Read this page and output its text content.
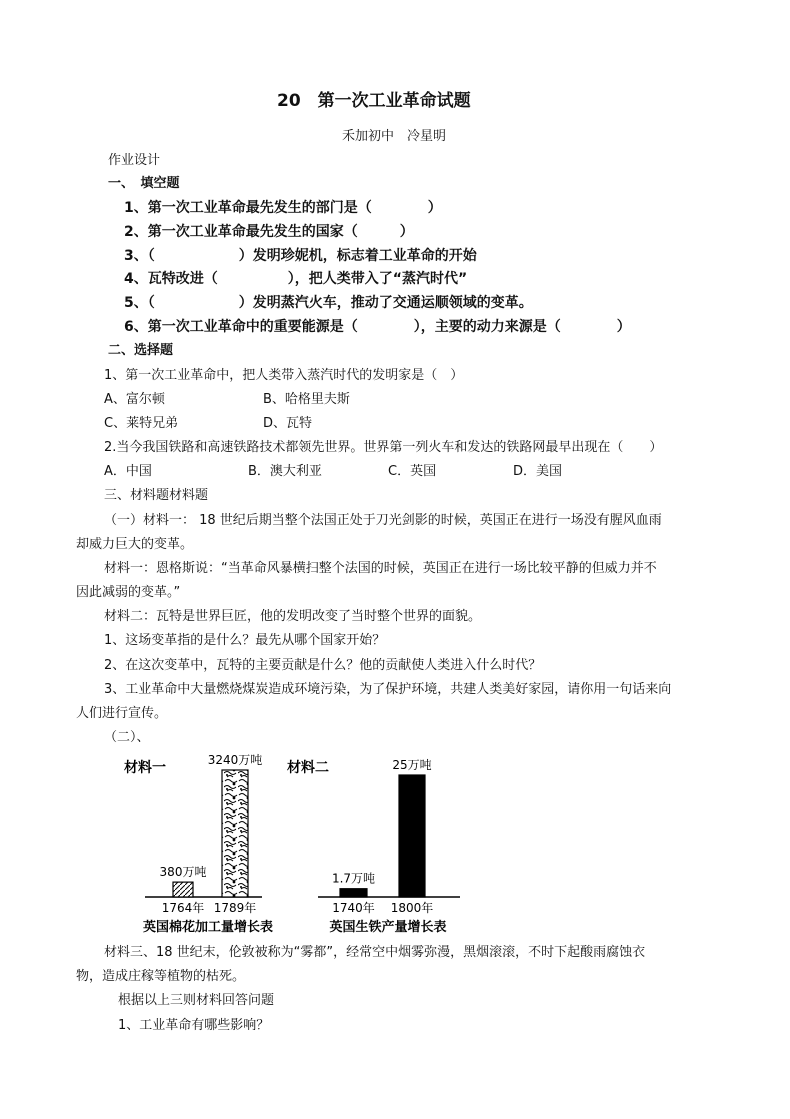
20　第一次工业革命试题
禾加初中　冷星明
作业设计
一、　填空题
1、第一次工业革命最先发生的部门是（　　　　）
2、第一次工业革命最先发生的国家（　　　）
3、（　　　　　　）发明珍妮机，标志着工业革命的开始
4、瓦特改进（　　　　　），把人类带入了“蒸汽时代”
5、（　　　　　　）发明蒸汽火车，推动了交通运顺领域的变革。
6、第一次工业革命中的重要能源是（　　　　），主要的动力来源是（　　　　）
二、选择题
1、第一次工业革命中，把人类带入蒸汽时代的发明家是（　）
A、富尔顿	B、哈格里夫斯
C、莱特兄弟	D、瓦特
2.当今我国铁路和高速铁路技术都领先世界。世界第一列火车和发达的铁路网最早出现在（　　）
A．中国	B．澳大利亚	C．英国	D．美国
三、材料题材料题
（一）材料一： 18 世纪后期当整个法国正处于刀光剑影的时候，英国正在进行一场没有腥风血雨
却威力巨大的变革。
材料一：恩格斯说：“当革命风暴横扫整个法国的时候，英国正在进行一场比较平静的但威力并不
因此减弱的变革。”
材料二：瓦特是世界巨匠，他的发明改变了当时整个世界的面貌。
1、这场变革指的是什么？最先从哪个国家开始？
2、在这次变革中，瓦特的主要贡献是什么？他的贡献使人类进入什么时代？
3、工业革命中大量燃烧煤炭造成环境污染，为了保护环境，共建人类美好家园，请你用一句话来向
人们进行宣传。
（二）、
材料一
380万吨
1764年
3240万吨
1789年
英国棉花加工量增长表
材料二
1.7万吨
1740年
25万吨
1800年
英国生铁产量增长表
材料三、18 世纪末，伦敦被称为“雾都”，经常空中烟雾弥漫，黑烟滚滚，不时下起酸雨腐蚀衣
物，造成庄稼等植物的枯死。
根据以上三则材料回答问题
1、工业革命有哪些影响？
